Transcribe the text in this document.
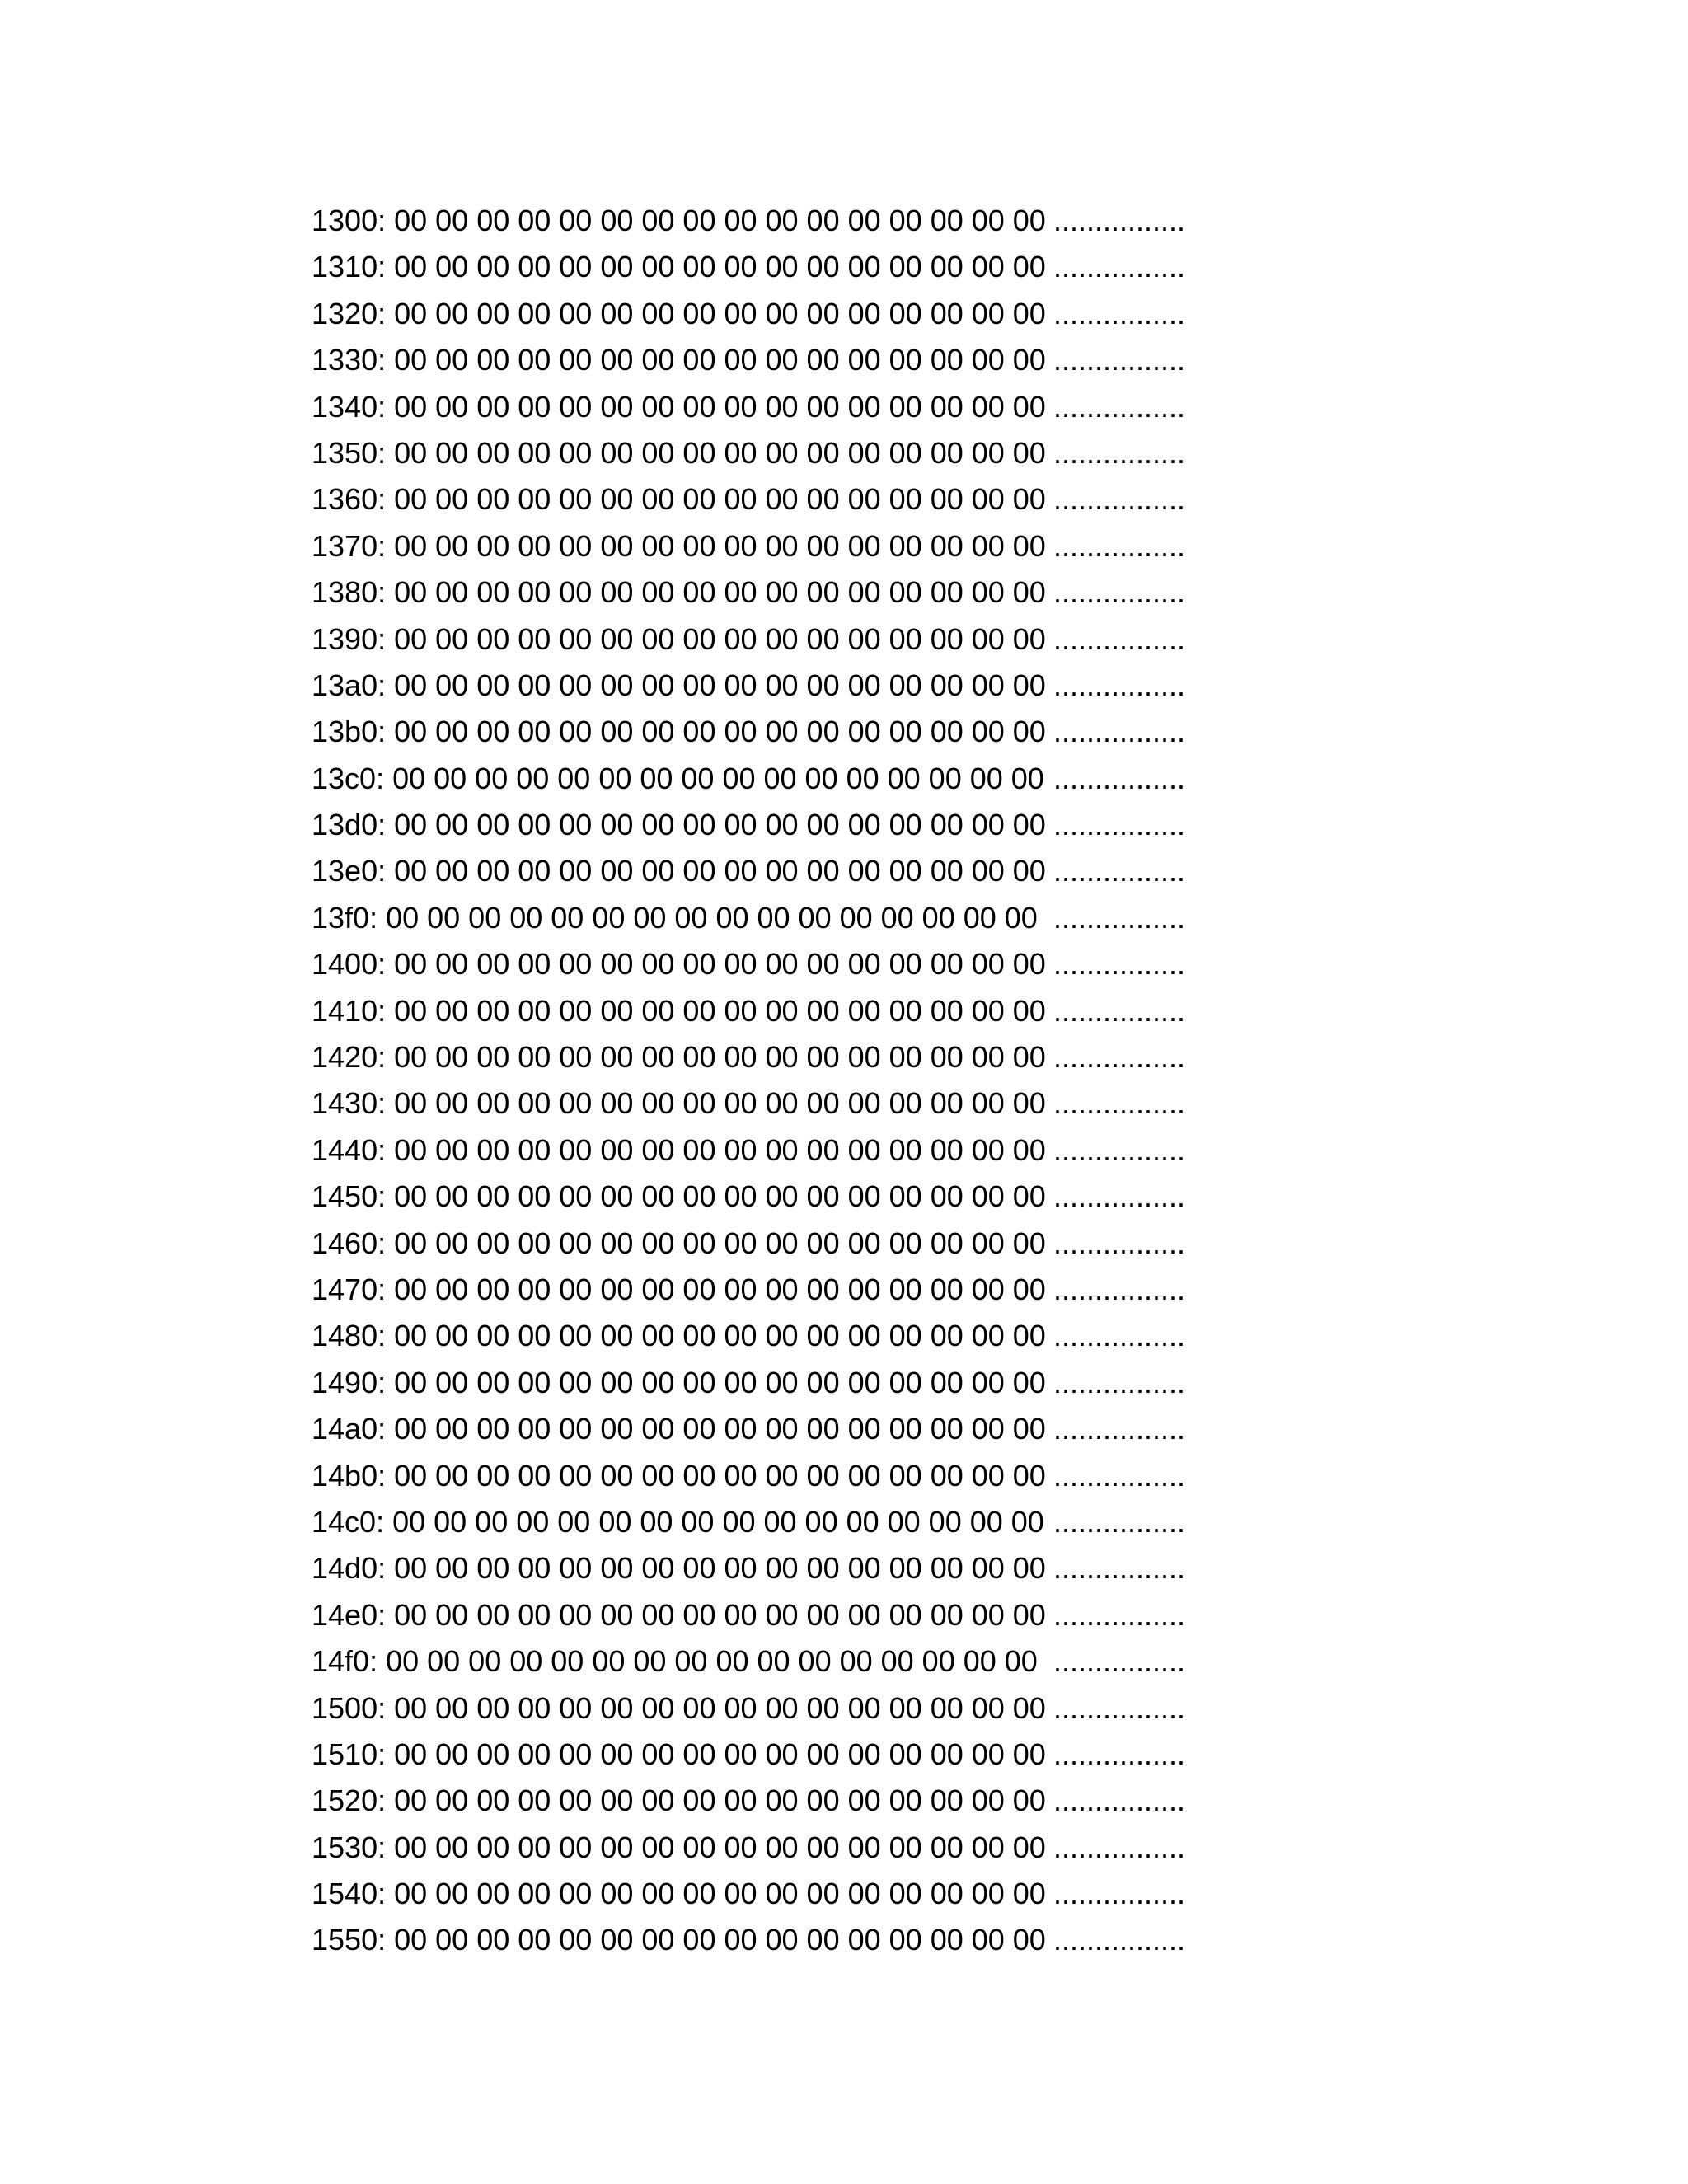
1300: 00 00 00 00 00 00 00 00 00 00 00 00 00 00 00 00 ................
1310: 00 00 00 00 00 00 00 00 00 00 00 00 00 00 00 00 ................
1320: 00 00 00 00 00 00 00 00 00 00 00 00 00 00 00 00 ................
1330: 00 00 00 00 00 00 00 00 00 00 00 00 00 00 00 00 ................
1340: 00 00 00 00 00 00 00 00 00 00 00 00 00 00 00 00 ................
1350: 00 00 00 00 00 00 00 00 00 00 00 00 00 00 00 00 ................
1360: 00 00 00 00 00 00 00 00 00 00 00 00 00 00 00 00 ................
1370: 00 00 00 00 00 00 00 00 00 00 00 00 00 00 00 00 ................
1380: 00 00 00 00 00 00 00 00 00 00 00 00 00 00 00 00 ................
1390: 00 00 00 00 00 00 00 00 00 00 00 00 00 00 00 00 ................
13a0: 00 00 00 00 00 00 00 00 00 00 00 00 00 00 00 00 ................
13b0: 00 00 00 00 00 00 00 00 00 00 00 00 00 00 00 00 ................
13c0: 00 00 00 00 00 00 00 00 00 00 00 00 00 00 00 00 ................
13d0: 00 00 00 00 00 00 00 00 00 00 00 00 00 00 00 00 ................
13e0: 00 00 00 00 00 00 00 00 00 00 00 00 00 00 00 00 ................
13f0: 00 00 00 00 00 00 00 00 00 00 00 00 00 00 00 00 ................
1400: 00 00 00 00 00 00 00 00 00 00 00 00 00 00 00 00 ................
1410: 00 00 00 00 00 00 00 00 00 00 00 00 00 00 00 00 ................
1420: 00 00 00 00 00 00 00 00 00 00 00 00 00 00 00 00 ................
1430: 00 00 00 00 00 00 00 00 00 00 00 00 00 00 00 00 ................
1440: 00 00 00 00 00 00 00 00 00 00 00 00 00 00 00 00 ................
1450: 00 00 00 00 00 00 00 00 00 00 00 00 00 00 00 00 ................
1460: 00 00 00 00 00 00 00 00 00 00 00 00 00 00 00 00 ................
1470: 00 00 00 00 00 00 00 00 00 00 00 00 00 00 00 00 ................
1480: 00 00 00 00 00 00 00 00 00 00 00 00 00 00 00 00 ................
1490: 00 00 00 00 00 00 00 00 00 00 00 00 00 00 00 00 ................
14a0: 00 00 00 00 00 00 00 00 00 00 00 00 00 00 00 00 ................
14b0: 00 00 00 00 00 00 00 00 00 00 00 00 00 00 00 00 ................
14c0: 00 00 00 00 00 00 00 00 00 00 00 00 00 00 00 00 ................
14d0: 00 00 00 00 00 00 00 00 00 00 00 00 00 00 00 00 ................
14e0: 00 00 00 00 00 00 00 00 00 00 00 00 00 00 00 00 ................
14f0: 00 00 00 00 00 00 00 00 00 00 00 00 00 00 00 00 ................
1500: 00 00 00 00 00 00 00 00 00 00 00 00 00 00 00 00 ................
1510: 00 00 00 00 00 00 00 00 00 00 00 00 00 00 00 00 ................
1520: 00 00 00 00 00 00 00 00 00 00 00 00 00 00 00 00 ................
1530: 00 00 00 00 00 00 00 00 00 00 00 00 00 00 00 00 ................
1540: 00 00 00 00 00 00 00 00 00 00 00 00 00 00 00 00 ................
1550: 00 00 00 00 00 00 00 00 00 00 00 00 00 00 00 00 ................
